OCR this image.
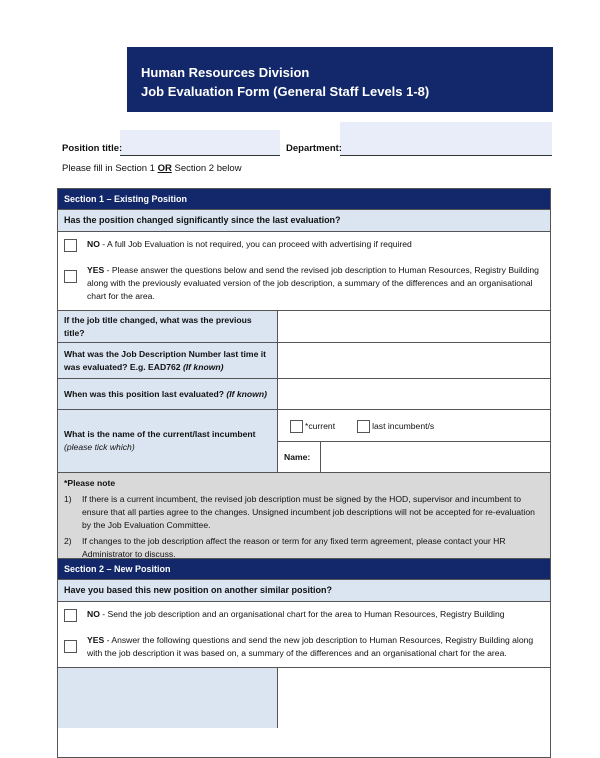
Human Resources Division
Job Evaluation Form (General Staff Levels 1-8)
Position title:	Department:
Please fill in Section 1 OR Section 2 below
Section 1 – Existing Position
Has the position changed significantly since the last evaluation?
NO - A full Job Evaluation is not required, you can proceed with advertising if required
YES - Please answer the questions below and send the revised job description to Human Resources, Registry Building along with the previously evaluated version of the job description, a summary of the differences and an organisational chart for the area.
If the job title changed, what was the previous title?
What was the Job Description Number last time it was evaluated? E.g. EAD762 (If known)
When was this position last evaluated? (If known)
What is the name of the current/last incumbent (please tick which)
*current	last incumbent/s
Name:
*Please note
1)	If there is a current incumbent, the revised job description must be signed by the HOD, supervisor and incumbent to ensure that all parties agree to the changes. Unsigned incumbent job descriptions will not be accepted for re-evaluation by the Job Evaluation Committee.
2)	If changes to the job description affect the reason or term for any fixed term agreement, please contact your HR Administrator to discuss.
Section 2 – New Position
Have you based this new position on another similar position?
NO - Send the job description and an organisational chart for the area to Human Resources, Registry Building
YES - Answer the following questions and send the new job description to Human Resources, Registry Building along with the job description it was based on, a summary of the differences and an organisational chart for the area.
